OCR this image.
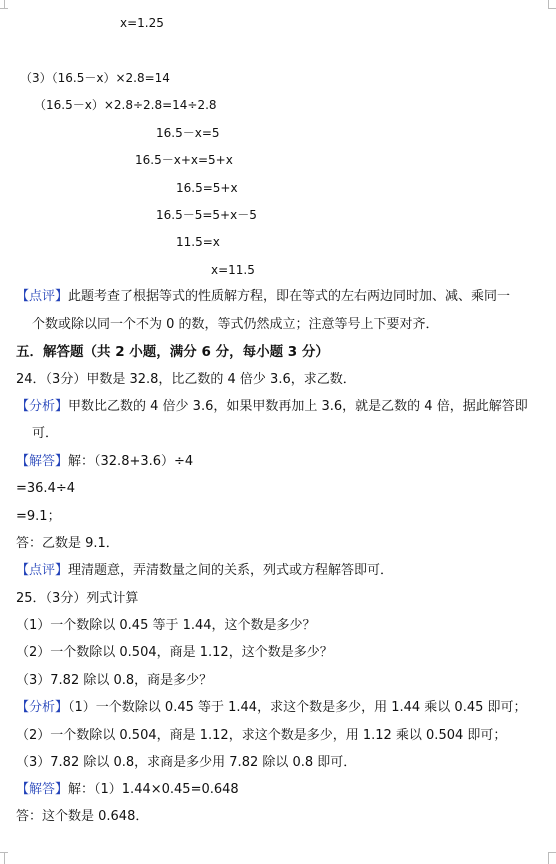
x=1.25
（3）（16.5－x）×2.8=14
（16.5－x）×2.8÷2.8=14÷2.8
16.5－x=5
16.5－x+x=5+x
16.5=5+x
16.5－5=5+x－5
11.5=x
x=11.5
【点评】此题考查了根据等式的性质解方程，即在等式的左右两边同时加、减、乘同一
个数或除以同一个不为 0 的数，等式仍然成立；注意等号上下要对齐．
五．解答题（共 2 小题，满分 6 分，每小题 3 分）
24．（3分）甲数是 32.8，比乙数的 4 倍少 3.6，求乙数．
【分析】甲数比乙数的 4 倍少 3.6，如果甲数再加上 3.6，就是乙数的 4 倍，据此解答即
可．
【解答】解：（32.8+3.6）÷4
=36.4÷4
=9.1；
答：乙数是 9.1．
【点评】理清题意，弄清数量之间的关系，列式或方程解答即可．
25．（3分）列式计算
（1）一个数除以 0.45 等于 1.44，这个数是多少？
（2）一个数除以 0.504，商是 1.12，这个数是多少？
（3）7.82 除以 0.8，商是多少？
【分析】（1）一个数除以 0.45 等于 1.44，求这个数是多少，用 1.44 乘以 0.45 即可；
（2）一个数除以 0.504，商是 1.12，求这个数是多少，用 1.12 乘以 0.504 即可；
（3）7.82 除以 0.8，求商是多少用 7.82 除以 0.8 即可．
【解答】解：（1）1.44×0.45=0.648
答：这个数是 0.648．
